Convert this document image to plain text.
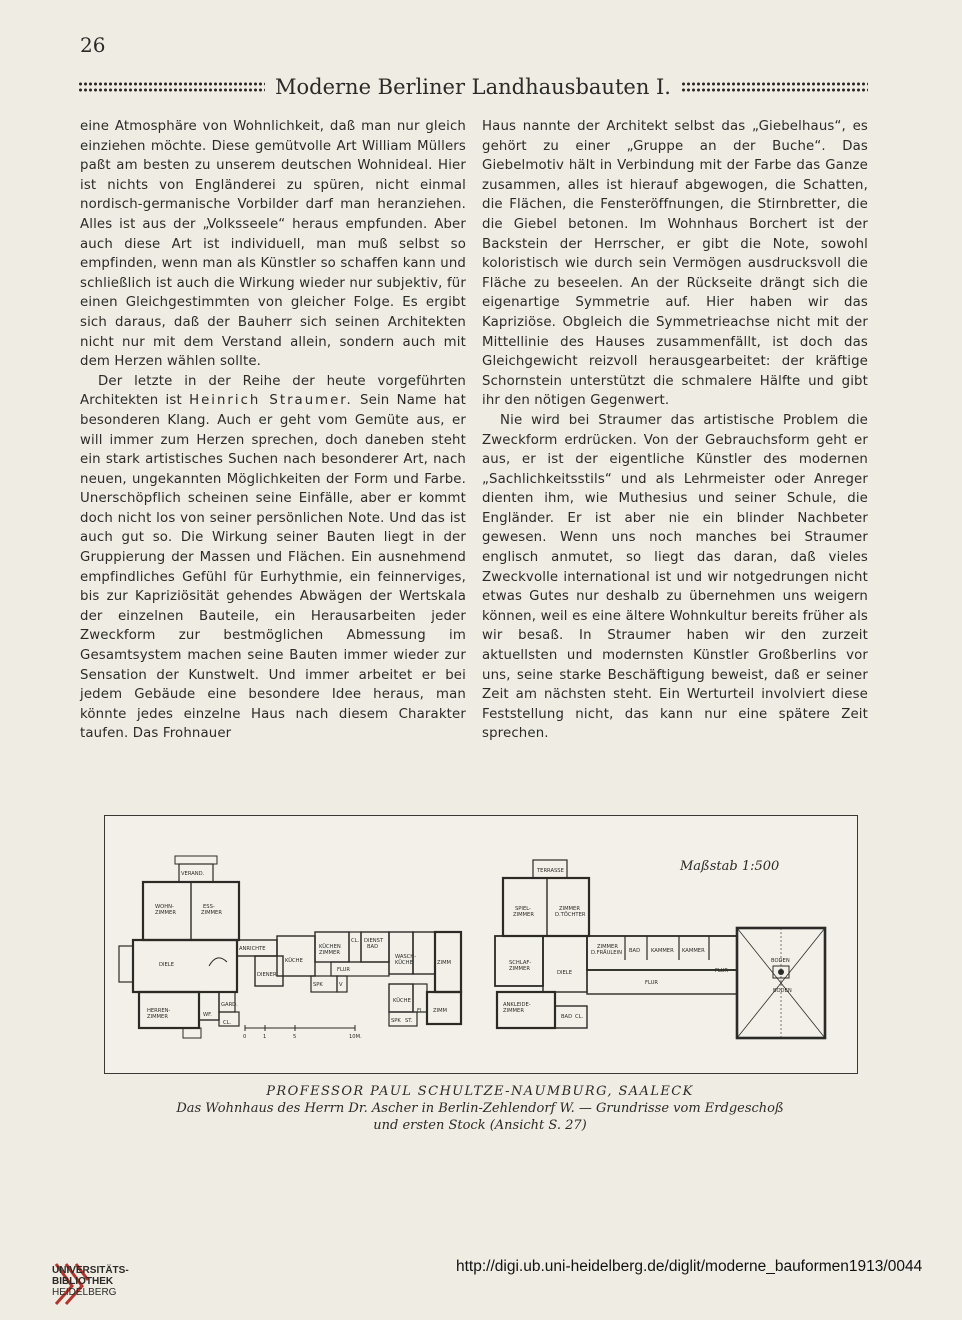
26
Moderne Berliner Landhausbauten I.

eine Atmosphäre von Wohnlichkeit, daß man nur gleich einziehen möchte. Diese gemütvolle Art William Müllers paßt am besten zu unserem deutschen Wohnideal. Hier ist nichts von Engländerei zu spüren, nicht einmal nordisch-germanische Vorbilder darf man heranziehen. Alles ist aus der „Volksseele“ heraus empfunden. Aber auch diese Art ist individuell, man muß selbst so empfinden, wenn man als Künstler so schaffen kann und schließlich ist auch die Wirkung wieder nur subjektiv, für einen Gleichgestimmten von gleicher Folge. Es ergibt sich daraus, daß der Bauherr sich seinen Architekten nicht nur mit dem Verstand allein, sondern auch mit dem Herzen wählen sollte.

Der letzte in der Reihe der heute vorgeführten Architekten ist Heinrich Straumer. Sein Name hat besonderen Klang. Auch er geht vom Gemüte aus, er will immer zum Herzen sprechen, doch daneben steht ein stark artistisches Suchen nach besonderer Art, nach neuen, ungekannten Möglichkeiten der Form und Farbe. Unerschöpflich scheinen seine Einfälle, aber er kommt doch nicht los von seiner persönlichen Note. Und das ist auch gut so. Die Wirkung seiner Bauten liegt in der Gruppierung der Massen und Flächen. Ein ausnehmend empfindliches Gefühl für Eurhythmie, ein feinnerviges, bis zur Kapriziösität gehendes Abwägen der Wertskala der einzelnen Bauteile, ein Herausarbeiten jeder Zweckform zur bestmöglichen Abmessung im Gesamtsystem machen seine Bauten immer wieder zur Sensation der Kunstwelt. Und immer arbeitet er bei jedem Gebäude eine besondere Idee heraus, man könnte jedes einzelne Haus nach diesem Charakter taufen. Das Frohnauer

Haus nannte der Architekt selbst das „Giebelhaus“, es gehört zu einer „Gruppe an der Buche“. Das Giebelmotiv hält in Verbindung mit der Farbe das Ganze zusammen, alles ist hierauf abgewogen, die Schatten, die Flächen, die Fensteröffnungen, die Stirnbretter, die die Giebel betonen. Im Wohnhaus Borchert ist der Backstein der Herrscher, er gibt die Note, sowohl koloristisch wie durch sein Vermögen ausdrucksvoll die Fläche zu beseelen. An der Rückseite drängt sich die eigenartige Symmetrie auf. Hier haben wir das Kapriziöse. Obgleich die Symmetrieachse nicht mit der Mittellinie des Hauses zusammenfällt, ist doch das Gleichgewicht reizvoll herausgearbeitet: der kräftige Schornstein unterstützt die schmalere Hälfte und gibt ihr den nötigen Gegenwert.

Nie wird bei Straumer das artistische Problem die Zweckform erdrücken. Von der Gebrauchsform geht er aus, er ist der eigentliche Künstler des modernen „Sachlichkeitsstils“ und als Lehrmeister oder Anreger dienten ihm, wie Muthesius und seiner Schule, die Engländer. Er ist aber nie ein blinder Nachbeter gewesen. Wenn uns noch manches bei Straumer englisch anmutet, so liegt das daran, daß vieles Zweckvolle international ist und wir notgedrungen nicht etwas Gutes nur deshalb zu übernehmen uns weigern können, weil es eine ältere Wohnkultur bereits früher als wir besaß. In Straumer haben wir den zurzeit aktuellsten und modernsten Künstler Großberlins vor uns, seine starke Beschäftigung beweist, daß er seiner Zeit am nächsten steht. Ein Werturteil involviert diese Feststellung nicht, das kann nur eine spätere Zeit sprechen.

Maßstab 1:500
VERAND.
WOHN-
ZIMMER
ESS-
ZIMMER
ANRICHTE	KÜCHEN
ZIMMER
CL. DIENST
BAD
DIELE
DIENER
KÜCHE
FLUR
SPK	V
WASCH-
KÜCHE	ZIMM
HERREN-
ZIMMER
GARD.
WF.
CL.
KÜCHE
FL. ZIMM
SPK ST.
0	1	5	10M.
TERRASSE
SPIEL-
ZIMMER
ZIMMER
D.TÖCHTER
ZIMMER
D.FRÄULEIN BAD KAMMER KAMMER
SCHLAF-
ZIMMER
DIELE	FLUR
FLUR
ANKLEIDE-
ZIMMER
BAD CL.
BODEN
BODEN
PROFESSOR PAUL SCHULTZE-NAUMBURG, SAALECK
Das Wohnhaus des Herrn Dr. Ascher in Berlin-Zehlendorf W. — Grundrisse vom Erdgeschoß
und ersten Stock (Ansicht S. 27)
UNIVERSITÄTS-
BIBLIOTHEK
HEIDELBERG
http://digi.ub.uni-heidelberg.de/diglit/moderne_bauformen1913/0044
